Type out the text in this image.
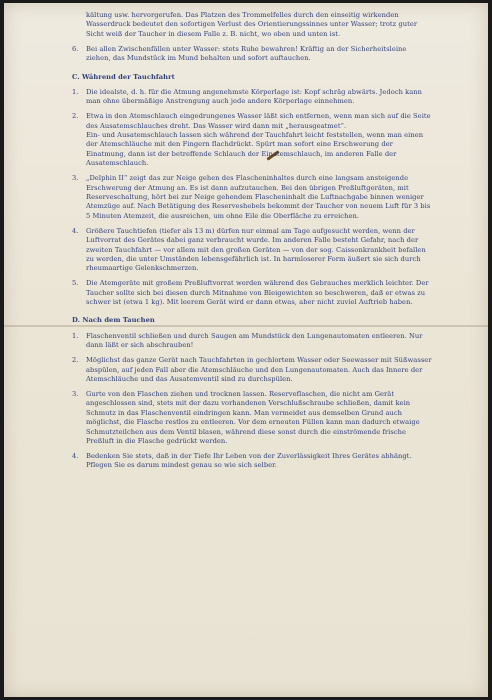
kältung usw. hervorgerufen. Das Platzen des Trommelfelles durch den einseitig wirkenden Wasserdruck bedeutet den sofortigen Verlust des Orientierungssinnes unter Wasser; trotz guter Sicht weiß der Taucher in diesem Falle z. B. nicht, wo oben und unten ist.

6. Bei allen Zwischenfällen unter Wasser: stets Ruhe bewahren! Kräftig an der Sicherheitsleine ziehen, das Mundstück im Mund behalten und sofort auftauchen.

C. Während der Tauchfahrt
1. Die idealste, d. h. für die Atmung angenehmste Körperlage ist: Kopf schräg abwärts. Jedoch kann man ohne übermäßige Anstrengung auch jede andere Körperlage einnehmen.

2. Etwa in den Atemschlauch eingedrungenes Wasser läßt sich entfernen, wenn man sich auf die Seite des Ausatemschlauches dreht. Das Wasser wird dann mit „herausgeatmet“.

Ein- und Ausatemschlauch lassen sich während der Tauchfahrt leicht feststellen, wenn man einen der Atemschläuche mit den Fingern flachdrückt. Spürt man sofort eine Erschwerung der Einatmung, dann ist der betreffende Schlauch der Einatemschlauch, im anderen Falle der Ausatemschlauch.

3. „Delphin II“ zeigt das zur Neige gehen des Flascheninhaltes durch eine langsam ansteigende Erschwerung der Atmung an. Es ist dann aufzutauchen. Bei den übrigen Preßluftgeräten, mit Reserveschaltung, hört bei zur Neige gehendem Flascheninhalt die Luftnachgabe binnen weniger Atemzüge auf. Nach Betätigung des Reserveshebels bekommt der Taucher von neuem Luft für 3 bis 5 Minuten Atemzeit, die ausreichen, um ohne Eile die Oberfläche zu erreichen.

4. Größere Tauchtiefen (tiefer als 13 m) dürfen nur einmal am Tage aufgesucht werden, wenn der Luftvorrat des Gerätes dabei ganz verbraucht wurde. Im anderen Falle besteht Gefahr, nach der zweiten Tauchfahrt — vor allem mit den großen Geräten — von der sog. Caissonkrankheit befallen zu werden, die unter Umständen lebensgefährlich ist. In harmloserer Form äußert sie sich durch rheumaartige Gelenkschmerzen.

5. Die Atemgeräte mit großem Preßluftvorrat werden während des Gebrauches merklich leichter. Der Taucher sollte sich bei diesen durch Mitnahme von Bleigewichten so beschweren, daß er etwas zu schwer ist (etwa 1 kg). Mit leerem Gerät wird er dann etwas, aber nicht zuviel Auftrieb haben.

D. Nach dem Tauchen
1. Flaschenventil schließen und durch Saugen am Mundstück den Lungenautomaten entleeren. Nur dann läßt er sich abschrauben!

2. Möglichst das ganze Gerät nach Tauchfahrten in gechlortem Wasser oder Seewasser mit Süßwasser abspülen, auf jeden Fall aber die Atemschläuche und den Lungenautomaten. Auch das Innere der Atemschläuche und das Ausatemventil sind zu durchspülen.

3. Gurte von den Flaschen ziehen und trocknen lassen. Reserveflaschen, die nicht am Gerät angeschlossen sind, stets mit der dazu vorhandenen Verschlußschraube schließen, damit kein Schmutz in das Flaschenventil eindringen kann. Man vermeidet aus demselben Grund auch möglichst, die Flasche restlos zu entleeren. Vor dem erneuten Füllen kann man dadurch etwaige Schmutzteilchen aus dem Ventil blasen, während diese sonst durch die einströmende frische Preßluft in die Flasche gedrückt werden.

4. Bedenken Sie stets, daß in der Tiefe Ihr Leben von der Zuverlässigkeit Ihres Gerätes abhängt. Pflegen Sie es darum mindest genau so wie sich selber.
